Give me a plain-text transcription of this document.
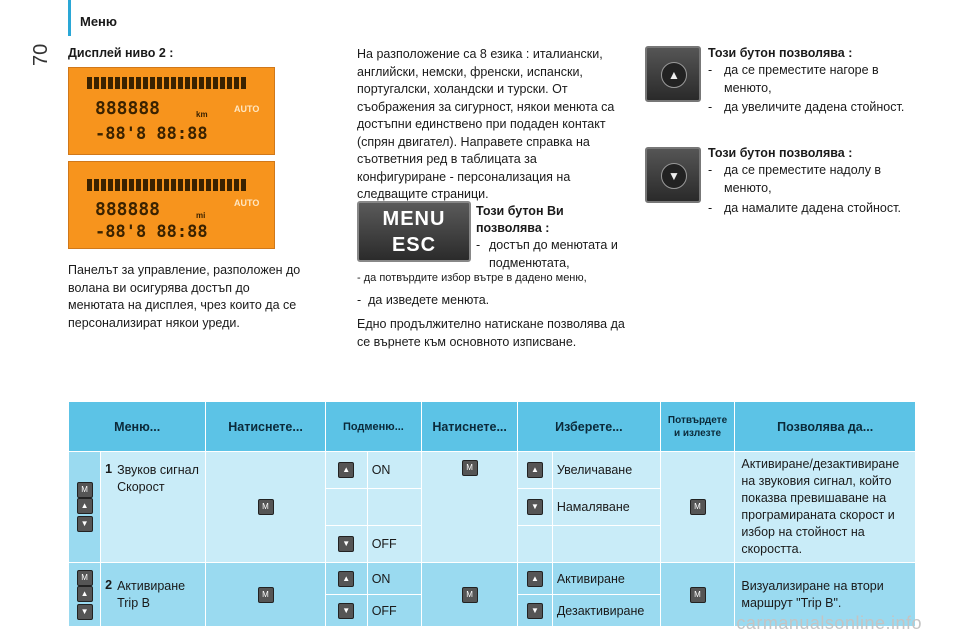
Меню
70 Дисплей ниво 2 :
888888	km
AUTO
-88'8 88:88
888888	mi
AUTO
-88'8 88:88
Панелът за управление, разположен до волана ви осигурява достъп до менютата на дисплея, чрез които да се персонализират някои уреди.
На разположение са 8 езика : италиански, английски, немски, френски, испански, португалски, холандски и турски. От съображения за сигурност, някои менюта са достъпни единствено при подаден контакт (спрян двигател). Направете справка на съответния ред в таблицата за конфигуриране - персонализация на следващите страници.
MENU
ESC
Този бутон Ви позволява :
- достъп до менютата и подменютата,
- да потвърдите избор вътре в дадено меню,
-  да изведете менюта.
Едно продължително натискане позволява да се върнете към основното изписване.
▲
Този бутон позволява :
- да се преместите нагоре в менюто,
- да увеличите дадена стойност.
▼
Този бутон позволява :
- да се преместите надолу в менюто,
- да намалите дадена стойност.
Меню...		Натиснете...	Подменю...		Натиснете...	Изберете...		Потвърдете и излезте	Позволява да...
M
▲
▼	1 Звуков сигнал Скорост	M	▲	ON	M	▲	Увеличаване	M	Активиране/дезактивиране на звуковия сигнал, който показва превишаване на програмираната скорост и избор на стойност на скоростта.
						▼	Намаляване		
			▼	OFF					
M
▲
▼	2 Активиране Trip B	M	▲	ON	M	▲	Активиране	M	Визуализиране на втори маршрут "Trip B".
			▼	OFF		▼	Дезактивиране		
carmanualsonline.info
